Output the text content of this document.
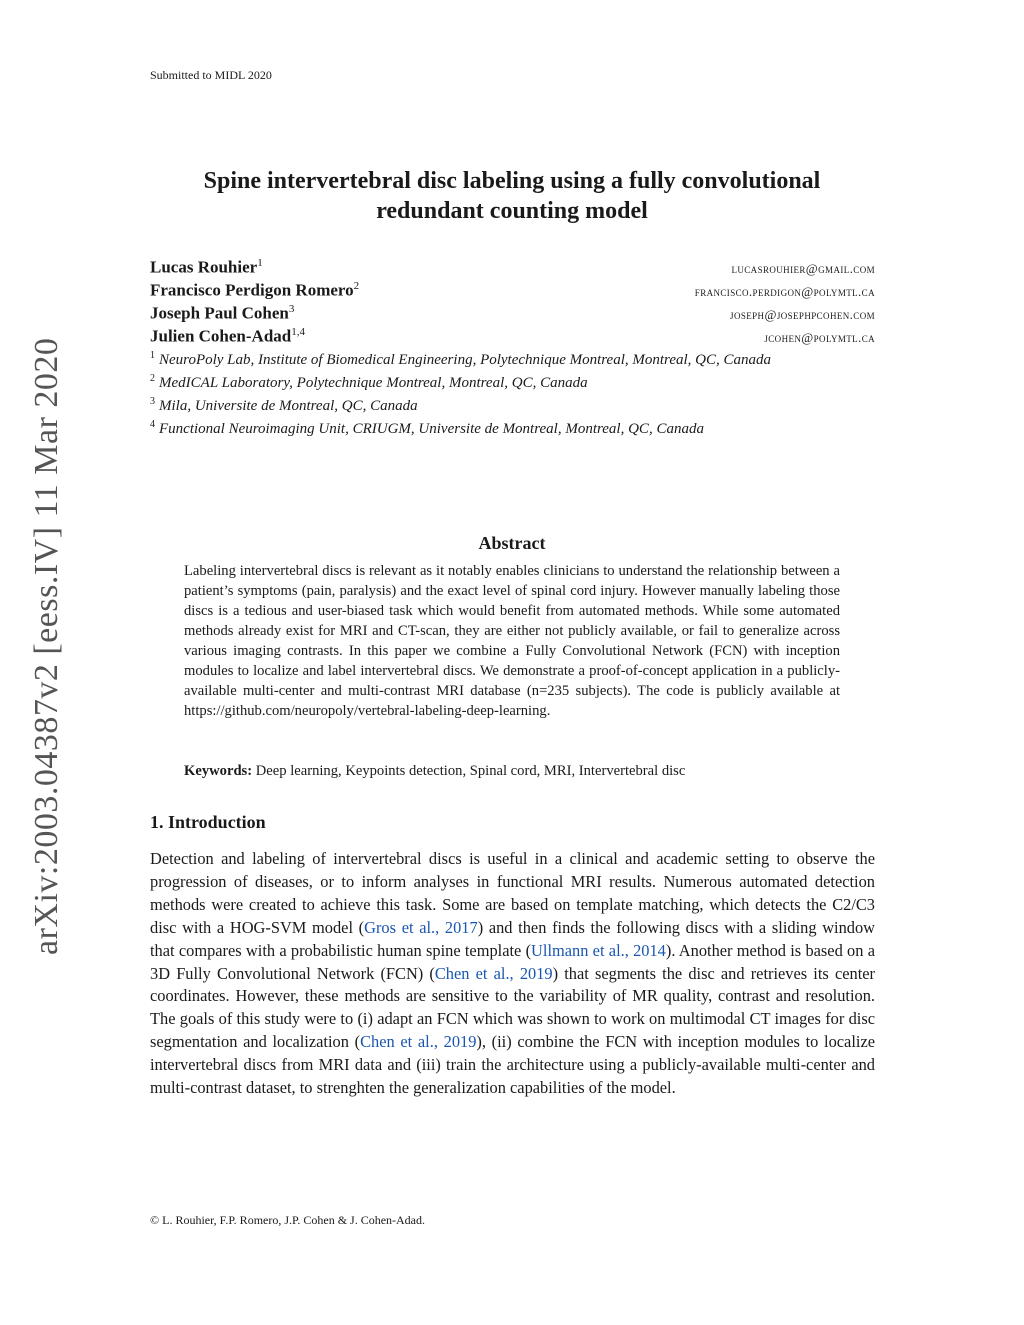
Submitted to MIDL 2020
arXiv:2003.04387v2 [eess.IV] 11 Mar 2020
Spine intervertebral disc labeling using a fully convolutional
redundant counting model
Lucas Rouhier$^1$	lucasrouhier@gmail.com
Francisco Perdigon Romero$^2$	francisco.perdigon@polymtl.ca
Joseph Paul Cohen$^3$	joseph@josephpcohen.com
Julien Cohen-Adad$^{1,4}$	jcohen@polymtl.ca
$^1$ NeuroPoly Lab, Institute of Biomedical Engineering, Polytechnique Montreal, Montreal, QC, Canada
$^2$ MedICAL Laboratory, Polytechnique Montreal, Montreal, QC, Canada
$^3$ Mila, Universite de Montreal, QC, Canada
$^4$ Functional Neuroimaging Unit, CRIUGM, Universite de Montreal, Montreal, QC, Canada
Abstract
Labeling intervertebral discs is relevant as it notably enables clinicians to understand the relationship between a patient’s symptoms (pain, paralysis) and the exact level of spinal cord injury. However manually labeling those discs is a tedious and user-biased task which would benefit from automated methods. While some automated methods already exist for MRI and CT-scan, they are either not publicly available, or fail to generalize across various imaging contrasts. In this paper we combine a Fully Convolutional Network (FCN) with inception modules to localize and label intervertebral discs. We demonstrate a proof-of-concept application in a publicly-available multi-center and multi-contrast MRI database (n=235 subjects). The code is publicly available at https://github.com/neuropoly/vertebral-labeling-deep-learning.
Keywords: Deep learning, Keypoints detection, Spinal cord, MRI, Intervertebral disc
1. Introduction
Detection and labeling of intervertebral discs is useful in a clinical and academic setting to observe the progression of diseases, or to inform analyses in functional MRI results. Numerous automated detection methods were created to achieve this task. Some are based on template matching, which detects the C2/C3 disc with a HOG-SVM model (Gros et al., 2017) and then finds the following discs with a sliding window that compares with a probabilistic human spine template (Ullmann et al., 2014). Another method is based on a 3D Fully Convolutional Network (FCN) (Chen et al., 2019) that segments the disc and retrieves its center coordinates. However, these methods are sensitive to the variability of MR quality, contrast and resolution. The goals of this study were to (i) adapt an FCN which was shown to work on multimodal CT images for disc segmentation and localization (Chen et al., 2019), (ii) combine the FCN with inception modules to localize intervertebral discs from MRI data and (iii) train the architecture using a publicly-available multi-center and multi-contrast dataset, to strenghten the generalization capabilities of the model.
© L. Rouhier, F.P. Romero, J.P. Cohen & J. Cohen-Adad.
